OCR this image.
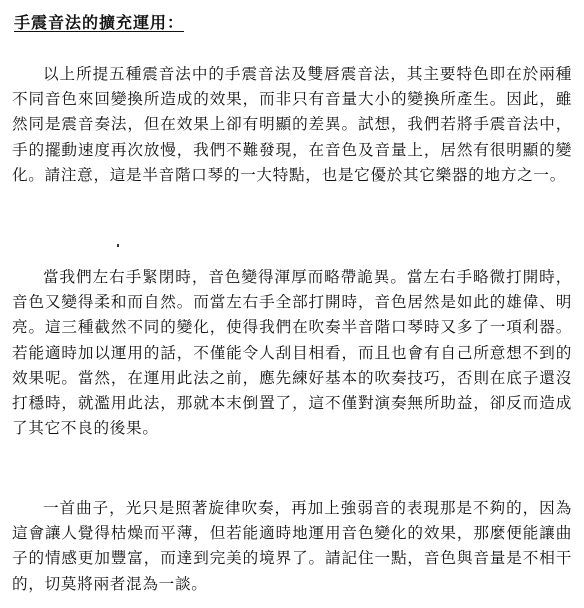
手震音法的擴充運用：

以上所提五種震音法中的手震音法及雙唇震音法，其主要特色即在於兩種不同音色來回變換所造成的效果，而非只有音量大小的變換所產生。因此，雖然同是震音奏法，但在效果上卻有明顯的差異。試想，我們若將手震音法中，手的擺動速度再次放慢，我們不難發現，在音色及音量上，居然有很明顯的變化。請注意，這是半音階口琴的一大特點，也是它優於其它樂器的地方之一。

當我們左右手緊閉時，音色變得渾厚而略帶詭異。當左右手略微打開時，音色又變得柔和而自然。而當左右手全部打開時，音色居然是如此的雄偉、明亮。這三種截然不同的變化，使得我們在吹奏半音階口琴時又多了一項利器。若能適時加以運用的話，不僅能令人刮目相看，而且也會有自己所意想不到的效果呢。當然，在運用此法之前，應先練好基本的吹奏技巧，否則在底子還沒打穩時，就濫用此法，那就本末倒置了，這不僅對演奏無所助益，卻反而造成了其它不良的後果。

一首曲子，光只是照著旋律吹奏，再加上強弱音的表現那是不夠的，因為這會讓人覺得枯燥而平薄，但若能適時地運用音色變化的效果，那麼便能讓曲子的情感更加豐富，而達到完美的境界了。請記住一點，音色與音量是不相干的，切莫將兩者混為一談。
